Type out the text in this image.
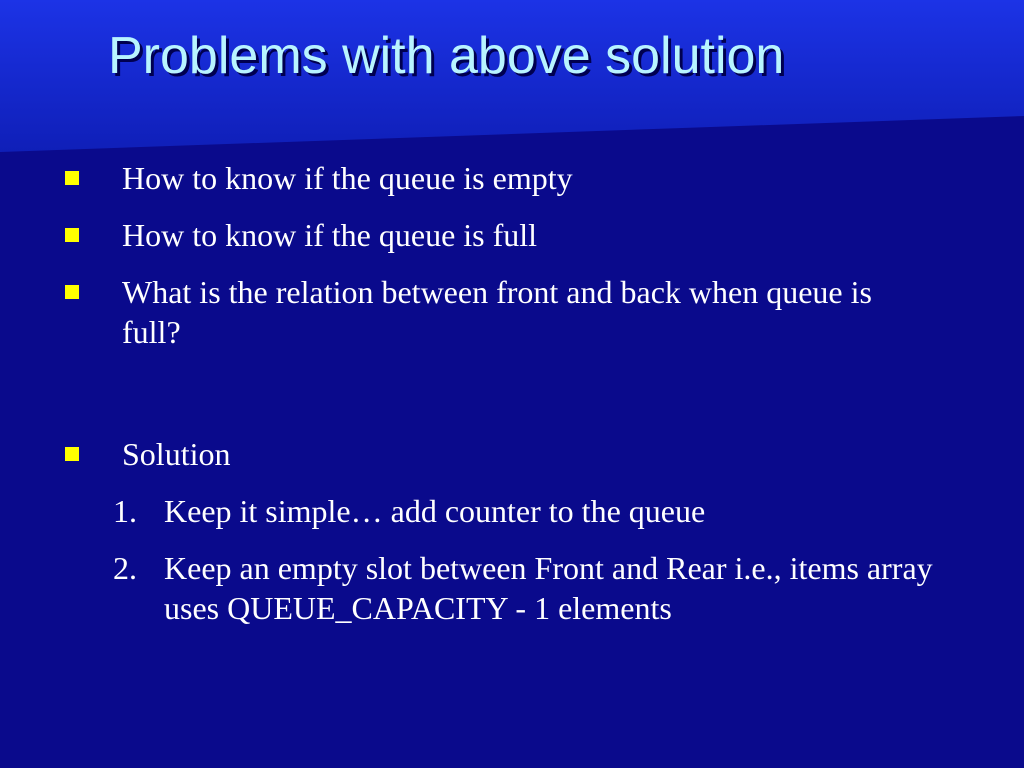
Problems with above solution
How to know if the queue is empty
How to know if the queue is full
What is the relation between front and back when queue is full?
Solution
1. Keep it simple… add counter to the queue
2. Keep an empty slot between Front and Rear i.e., items array uses QUEUE_CAPACITY - 1 elements
